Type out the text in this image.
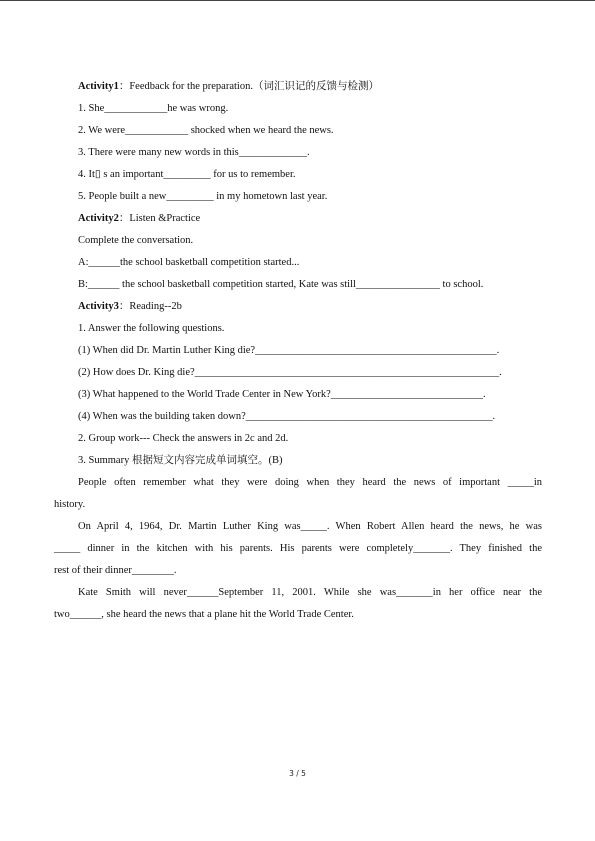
Activity1：Feedback for the preparation.（词汇识记的反馈与检测）
1. She____________he was wrong.
2. We were____________ shocked when we heard the news.
3. There were many new words in this_____________.
4. It▯ s an important_________ for us to remember.
5. People built a new_________ in my hometown last year.
Activity2：Listen &Practice
Complete the conversation.
A:______the school basketball competition started...
B:______ the school basketball competition started, Kate was still________________ to school.
Activity3：Reading--2b
1. Answer the following questions.
(1) When did Dr. Martin Luther King die?______________________________________________.
(2) How does Dr. King die?__________________________________________________________.
(3) What happened to the World Trade Center in New York?_____________________________.
(4) When was the building taken down?_______________________________________________.
2. Group work--- Check the answers in 2c and 2d.
3. Summary 根据短文内容完成单词填空。(B)
People often remember what they were doing when they heard the news of important _____in
history.
On April 4, 1964, Dr. Martin Luther King was_____. When Robert Allen heard the news, he was
_____ dinner in the kitchen with his parents. His parents were completely_______. They finished the
rest of their dinner________.
Kate Smith will never______September 11, 2001. While she was_______in her office near the
two______, she heard the news that a plane hit the World Trade Center.
3 / 5
